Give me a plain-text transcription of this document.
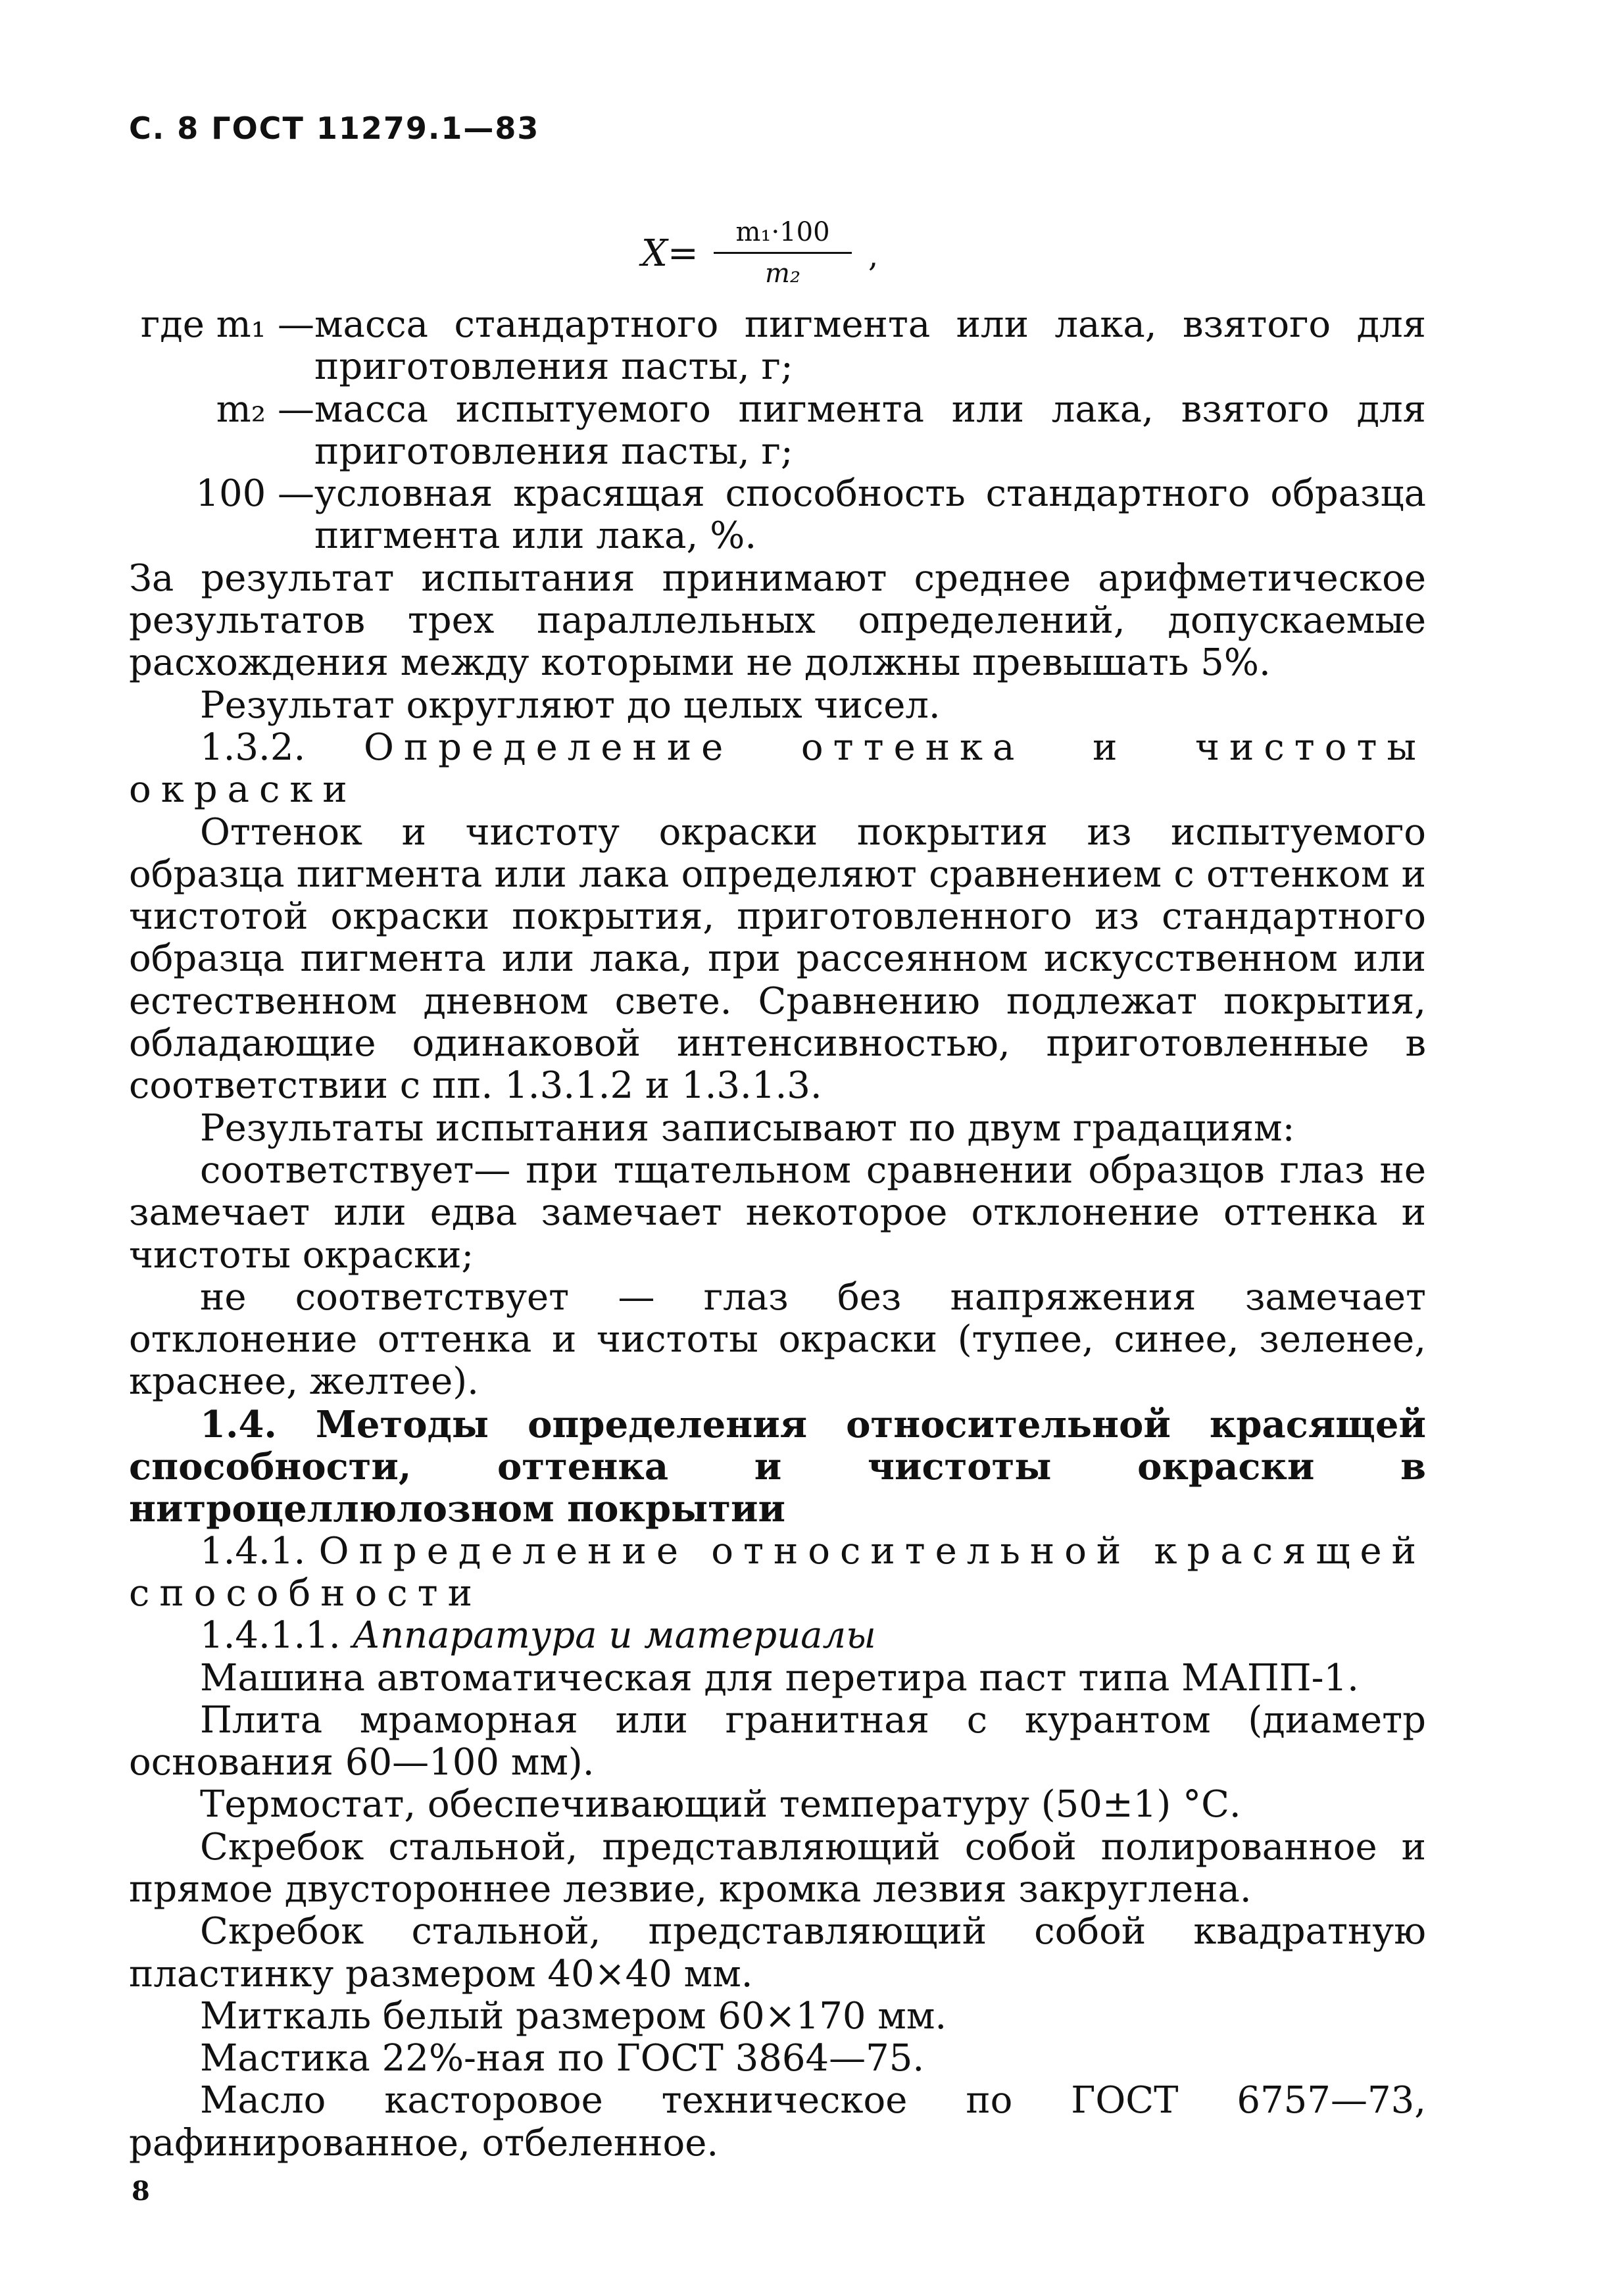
С. 8 ГОСТ 11279.1—83
X=	m₁·100
m₂	,
где m₁ — масса стандартного пигмента или лака, взятого для приготовления пасты, г;
m₂ — масса испытуемого пигмента или лака, взятого для приготовления пасты, г;
100 — условная красящая способность стандартного образца пигмента или лака, %.

За результат испытания принимают среднее арифметическое результатов трех параллельных определений, допускаемые расхождения между которыми не должны превышать 5%.

Результат округляют до целых чисел.

1.3.2. Определение оттенка и чистоты окраски

Оттенок и чистоту окраски покрытия из испытуемого образца пигмента или лака определяют сравнением с оттенком и чистотой окраски покрытия, приготовленного из стандартного образца пигмента или лака, при рассеянном искусственном или естественном дневном свете. Сравнению подлежат покрытия, обладающие одинаковой интенсивностью, приготовленные в соответствии с пп. 1.3.1.2 и 1.3.1.3.

Результаты испытания записывают по двум градациям:

соответствует— при тщательном сравнении образцов глаз не замечает или едва замечает некоторое отклонение оттенка и чистоты окраски;

не соответствует — глаз без напряжения замечает отклонение оттенка и чистоты окраски (тупее, синее, зеленее, краснее, желтее).

1.4. Методы определения относительной красящей способности, оттенка и чистоты окраски в нитроцеллюлозном покрытии

1.4.1. Определение относительной красящей способности

1.4.1.1. Аппаратура и материалы

Машина автоматическая для перетира паст типа МАПП-1.

Плита мраморная или гранитная с курантом (диаметр основания 60—100 мм).

Термостат, обеспечивающий температуру (50±1) °С.

Скребок стальной, представляющий собой полированное и прямое двустороннее лезвие, кромка лезвия закруглена.

Скребок стальной, представляющий собой квадратную пластинку размером 40×40 мм.

Миткаль белый размером 60×170 мм.

Мастика 22%-ная по ГОСТ 3864—75.

Масло касторовое техническое по ГОСТ 6757—73, рафинированное, отбеленное.

8
